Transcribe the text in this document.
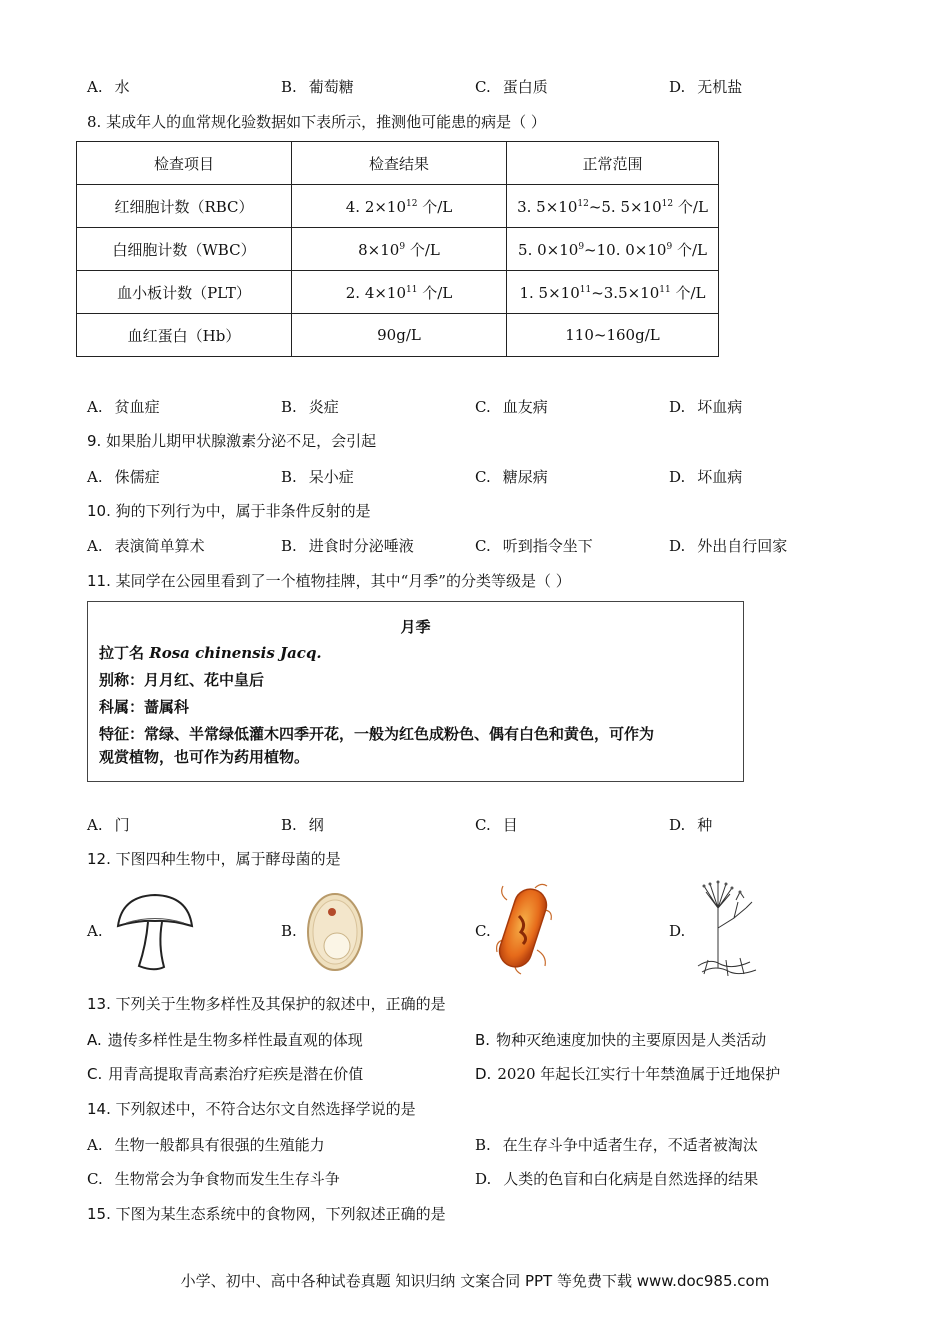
A. 水	B. 葡萄糖	C. 蛋白质	D. 无机盐
8. 某成年人的血常规化验数据如下表所示，推测他可能患的病是（ ）
检查项目	检查结果	正常范围
红细胞计数（RBC）	4. $2\times 10^{12}$ 个/L	3. $5\times 10^{12}\sim 5$. $5\times 10^{12}$ 个/L
白细胞计数（WBC）	$8\times 10^9$ 个/L	5. $0\times 10^9\sim 10$. $0\times 10^9$ 个/L
血小板计数（PLT）	2. $4\times 10^{11}$ 个/L	1. $5\times 10^{11}\sim 3.5\times 10^{11}$ 个/L
血红蛋白（Hb）	90g/L	110~160g/L
A. 贫血症	B. 炎症	C. 血友病	D. 坏血病
9. 如果胎儿期甲状腺激素分泌不足，会引起
A. 侏儒症	B. 呆小症	C. 糖尿病	D. 坏血病
10. 狗的下列行为中，属于非条件反射的是
A. 表演简单算术	B. 进食时分泌唾液	C. 听到指令坐下	D. 外出自行回家
11. 某同学在公园里看到了一个植物挂牌，其中“月季”的分类等级是（ ）
月季
拉丁名 Rosa chinensis Jacq.
别称：月月红、花中皇后
科属：蔷属科
特征：常绿、半常绿低灌木四季开花，一般为红色成粉色、偶有白色和黄色，可作为
观赏植物，也可作为药用植物。
A. 门	B. 纲	C. 目	D. 种
12. 下图四种生物中，属于酵母菌的是
A.	B.	C.	D.
13. 下列关于生物多样性及其保护的叙述中，正确的是
A. 遗传多样性是生物多样性最直观的体现	B. 物种灭绝速度加快的主要原因是人类活动
C. 用青高提取青高素治疗疟疾是潜在价值	D. 2020 年起长江实行十年禁渔属于迁地保护
14. 下列叙述中，不符合达尔文自然选择学说的是
A. 生物一般都具有很强的生殖能力	B. 在生存斗争中适者生存，不适者被淘汰
C. 生物常会为争食物而发生生存斗争	D. 人类的色盲和白化病是自然选择的结果
15. 下图为某生态系统中的食物网，下列叙述正确的是
小学、初中、高中各种试卷真题 知识归纳 文案合同 PPT 等免费下载 www.doc985.com
